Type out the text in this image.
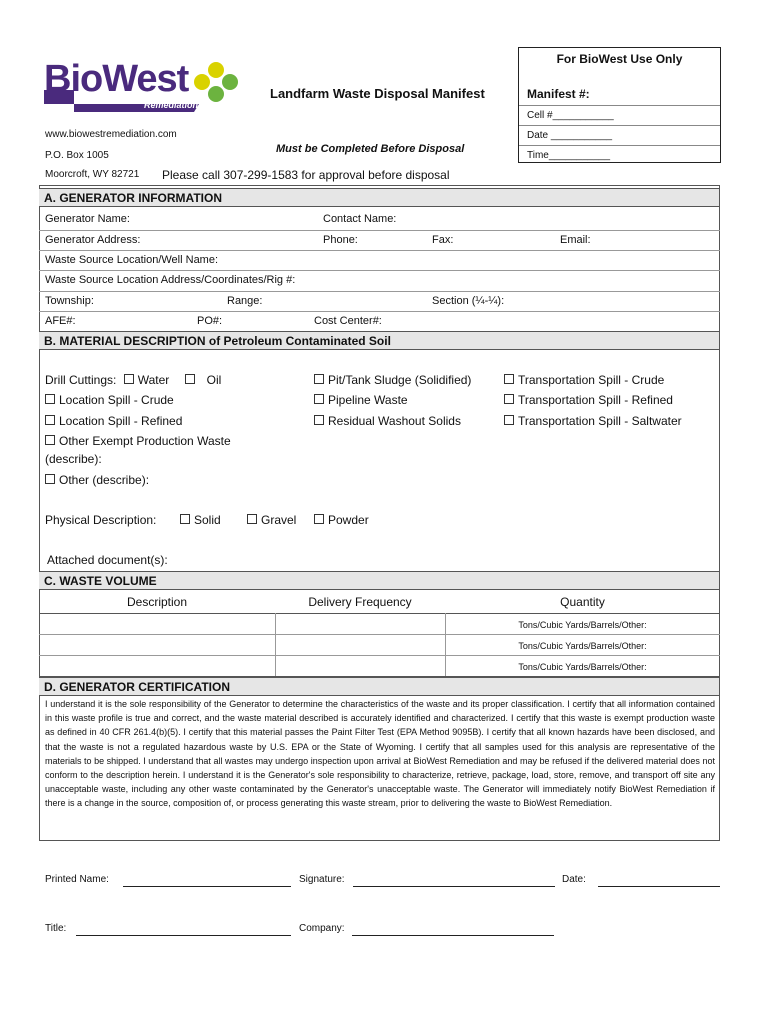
BioWest
Remediation
Landfarm Waste Disposal Manifest
Must be Completed Before Disposal
www.biowestremediation.com
P.O. Box 1005
Moorcroft, WY 82721 Please call 307-299-1583 for approval before disposal
For BioWest Use Only
Manifest #:
Cell #___________
Date ___________
Time___________
A. GENERATOR INFORMATION
Generator Name:	Contact Name:
Generator Address:	Phone:	Fax:	Email:
Waste Source Location/Well Name:
Waste Source Location Address/Coordinates/Rig #:
Township:	Range:	Section (¼-¼):
AFE#:	PO#:	Cost Center#:
B. MATERIAL DESCRIPTION of Petroleum Contaminated Soil
Drill Cuttings: Water	Oil	Pit/Tank Sludge (Solidified)	Transportation Spill - Crude
Location Spill - Crude	Pipeline Waste	Transportation Spill - Refined
Location Spill - Refined	Residual Washout Solids	Transportation Spill - Saltwater
Other Exempt Production Waste
(describe):
Other (describe):
Physical Description:	Solid	Gravel	Powder
Attached document(s):
C. WASTE VOLUME
Description	Delivery Frequency	Quantity
Tons/Cubic Yards/Barrels/Other:
Tons/Cubic Yards/Barrels/Other:
Tons/Cubic Yards/Barrels/Other:
D. GENERATOR CERTIFICATION
I understand it is the sole responsibility of the Generator to determine the characteristics of the waste and its proper classification. I certify that all information contained in this waste profile is true and correct, and the waste material described is accurately identified and characterized. I certify that this waste is exempt production waste as defined in 40 CFR 261.4(b)(5). I certify that this material passes the Paint Filter Test (EPA Method 9095B). I certify that all known hazards have been disclosed, and that the waste is not a regulated hazardous waste by U.S. EPA or the State of Wyoming. I certify that all samples used for this analysis are representative of the materials to be shipped. I understand that all wastes may undergo inspection upon arrival at BioWest Remediation and may be refused if the delivered material does not conform to the description herein. I understand it is the Generator's sole responsibility to characterize, retrieve, package, load, store, remove, and transport off site any unacceptable waste, including any other waste contaminated by the Generator's unacceptable waste. The Generator will immediately notify BioWest Remediation if there is a change in the source, composition of, or process generating this waste stream, prior to delivering the waste to BioWest Remediation.
Printed Name:	Signature:	Date:
Title:	Company:
